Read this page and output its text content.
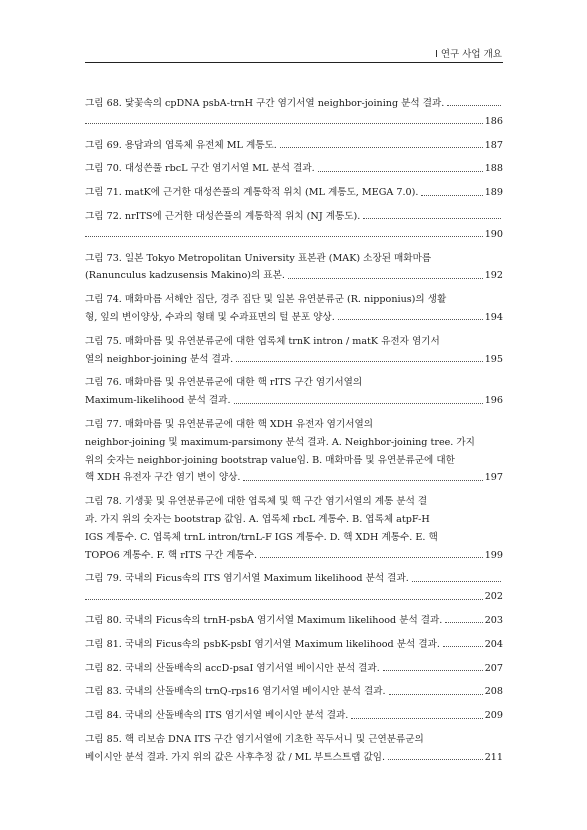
Ⅰ 연구 사업 개요
그림 68. 닻꽃속의 cpDNA psbA-trnH 구간 염기서열 neighbor-joining 분석 결과.
186
그림 69. 용담과의 엽록체 유전체 ML 계통도.	187
그림 70. 대성쓴풀 rbcL 구간 염기서열 ML 분석 결과.	188
그림 71. matK에 근거한 대성쓴풀의 계통학적 위치 (ML 계통도, MEGA 7.0).	189
그림 72. nrITS에 근거한 대성쓴풀의 계통학적 위치 (NJ 계통도).
190
그림 73. 일본 Tokyo Metropolitan University 표본관 (MAK) 소장된 매화마름
(Ranunculus kadzusensis Makino)의 표본.	192
그림 74. 매화마름 서해안 집단, 경주 집단 및 일본 유연분류군 (R. nipponius)의 생활
형, 잎의 변이양상, 수과의 형태 및 수과표면의 털 분포 양상.	194
그림 75. 매화마름 및 유연분류군에 대한 엽록체 trnK intron / matK 유전자 염기서
열의 neighbor-joining 분석 결과.	195
그림 76. 매화마름 및 유연분류군에 대한 핵 rITS 구간 염기서열의
Maximum-likelihood 분석 결과.	196
그림 77. 매화마름 및 유연분류군에 대한 핵 XDH 유전자 염기서열의
neighbor-joining 및 maximum-parsimony 분석 결과. A. Neighbor-joining tree. 가지
위의 숫자는 neighbor-joining bootstrap value임. B. 매화마름 및 유연분류군에 대한
핵 XDH 유전자 구간 염기 변이 양상.	197
그림 78. 기생꽃 및 유연분류군에 대한 엽록체 및 핵 구간 염기서열의 계통 분석 결
과. 가지 위의 숫자는 bootstrap 값임. A. 엽록체 rbcL 계통수. B. 엽록체 atpF-H
IGS 계통수. C. 엽록체 trnL intron/trnL-F IGS 계통수. D. 핵 XDH 계통수. E. 핵
TOPO6 계통수. F. 핵 rITS 구간 계통수.	199
그림 79. 국내의 Ficus속의 ITS 염기서열 Maximum likelihood 분석 결과.
202
그림 80. 국내의 Ficus속의 trnH-psbA 염기서열 Maximum likelihood 분석 결과.	203
그림 81. 국내의 Ficus속의 psbK-psbI 염기서열 Maximum likelihood 분석 결과.	204
그림 82. 국내의 산돌배속의 accD-psaI 염기서열 베이시안 분석 결과.	207
그림 83. 국내의 산돌배속의 trnQ-rps16 염기서열 베이시안 분석 결과.	208
그림 84. 국내의 산돌배속의 ITS 염기서열 베이시안 분석 결과.	209
그림 85. 핵 리보솜 DNA ITS 구간 염기서열에 기초한 꼭두서니 및 근연분류군의
베이시안 분석 결과. 가지 위의 값은 사후추정 값 / ML 부트스트랩 값임.	211
